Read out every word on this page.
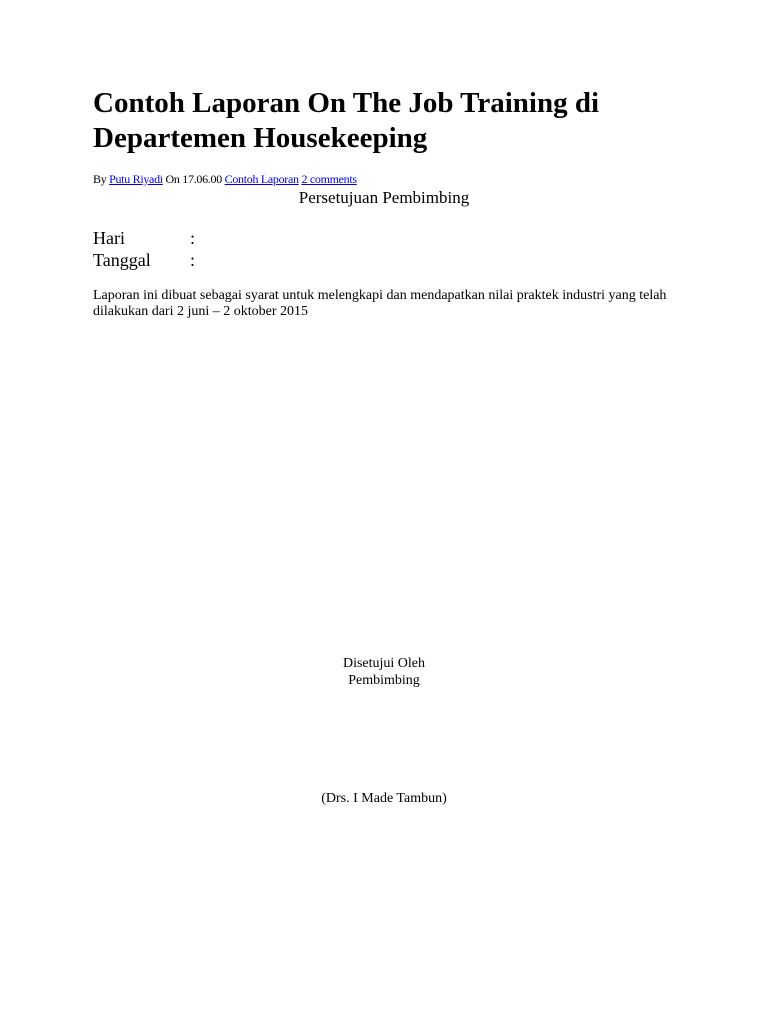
Contoh Laporan On The Job Training di Departemen Housekeeping
By Putu Riyadi On 17.06.00 Contoh Laporan 2 comments
Persetujuan Pembimbing
Hari	:
Tanggal :

Laporan ini dibuat sebagai syarat untuk melengkapi dan mendapatkan nilai praktek industri yang telah dilakukan dari 2 juni – 2 oktober 2015

Disetujui Oleh
Pembimbing
(Drs. I Made Tambun)
